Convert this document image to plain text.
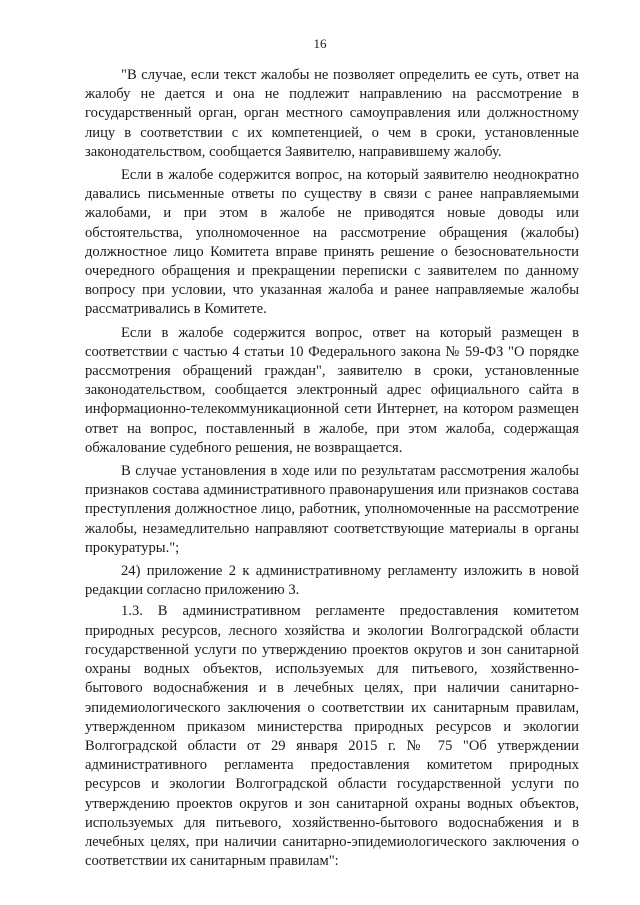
16

"В случае, если текст жалобы не позволяет определить ее суть, ответ на жалобу не дается и она не подлежит направлению на рассмотрение в государственный орган, орган местного самоуправления или должностному лицу в соответствии с их компетенцией, о чем в сроки, установленные законодательством, сообщается Заявителю, направившему жалобу.

Если в жалобе содержится вопрос, на который заявителю неоднократно давались письменные ответы по существу в связи с ранее направляемыми жалобами, и при этом в жалобе не приводятся новые доводы или обстоятельства, уполномоченное на рассмотрение обращения (жалобы) должностное лицо Комитета вправе принять решение о безосновательности очередного обращения и прекращении переписки с заявителем по данному вопросу при условии, что указанная жалоба и ранее направляемые жалобы рассматривались в Комитете.

Если в жалобе содержится вопрос, ответ на который размещен в соответствии с частью 4 статьи 10 Федерального закона № 59-ФЗ "О порядке рассмотрения обращений граждан", заявителю в сроки, установленные законодательством, сообщается электронный адрес официального сайта в информационно-телекоммуникационной сети Интернет, на котором размещен ответ на вопрос, поставленный в жалобе, при этом жалоба, содержащая обжалование судебного решения, не возвращается.

В случае установления в ходе или по результатам рассмотрения жалобы признаков состава административного правонарушения или признаков состава преступления должностное лицо, работник, уполномоченные на рассмотрение жалобы, незамедлительно направляют соответствующие материалы в органы прокуратуры.";

24) приложение 2 к административному регламенту изложить в новой редакции согласно приложению 3.

1.3. В административном регламенте предоставления комитетом природных ресурсов, лесного хозяйства и экологии Волгоградской области государственной услуги по утверждению проектов округов и зон санитарной охраны водных объектов, используемых для питьевого, хозяйственно-бытового водоснабжения и в лечебных целях, при наличии санитарно-эпидемиологического заключения о соответствии их санитарным правилам, утвержденном приказом министерства природных ресурсов и экологии Волгоградской области от 29 января 2015 г. № 75 "Об утверждении административного регламента предоставления комитетом природных ресурсов и экологии Волгоградской области государственной услуги по утверждению проектов округов и зон санитарной охраны водных объектов, используемых для питьевого, хозяйственно-бытового водоснабжения и в лечебных целях, при наличии санитарно-эпидемиологического заключения о соответствии их санитарным правилам":
